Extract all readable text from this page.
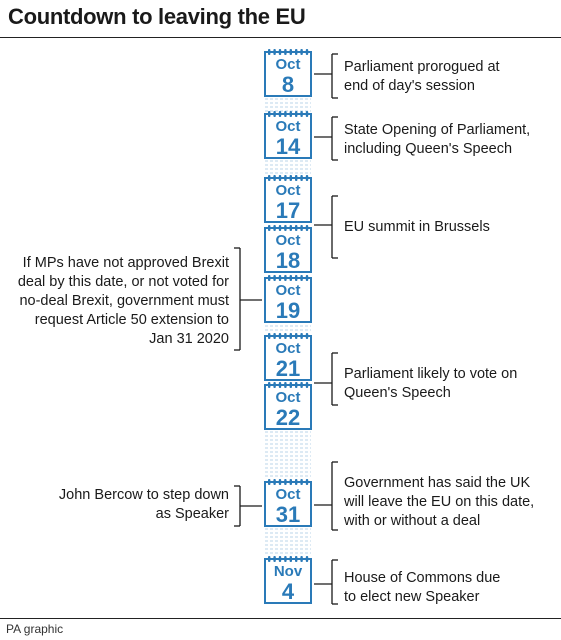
Countdown to leaving the EU
Oct
8
Oct
14
Oct
17
Oct
18
Oct
19
Oct
21
Oct
22
Oct
31
Nov
4
Parliament prorogued at
end of day's session
State Opening of Parliament,
including Queen's Speech
EU summit in Brussels
Parliament likely to vote on
Queen's Speech
Government has said the UK
will leave the EU on this date,
with or without a deal
House of Commons due
to elect new Speaker
If MPs have not approved Brexit
deal by this date, or not voted for
no-deal Brexit, government must
request Article 50 extension to
Jan 31 2020
John Bercow to step down
as Speaker
PA graphic
